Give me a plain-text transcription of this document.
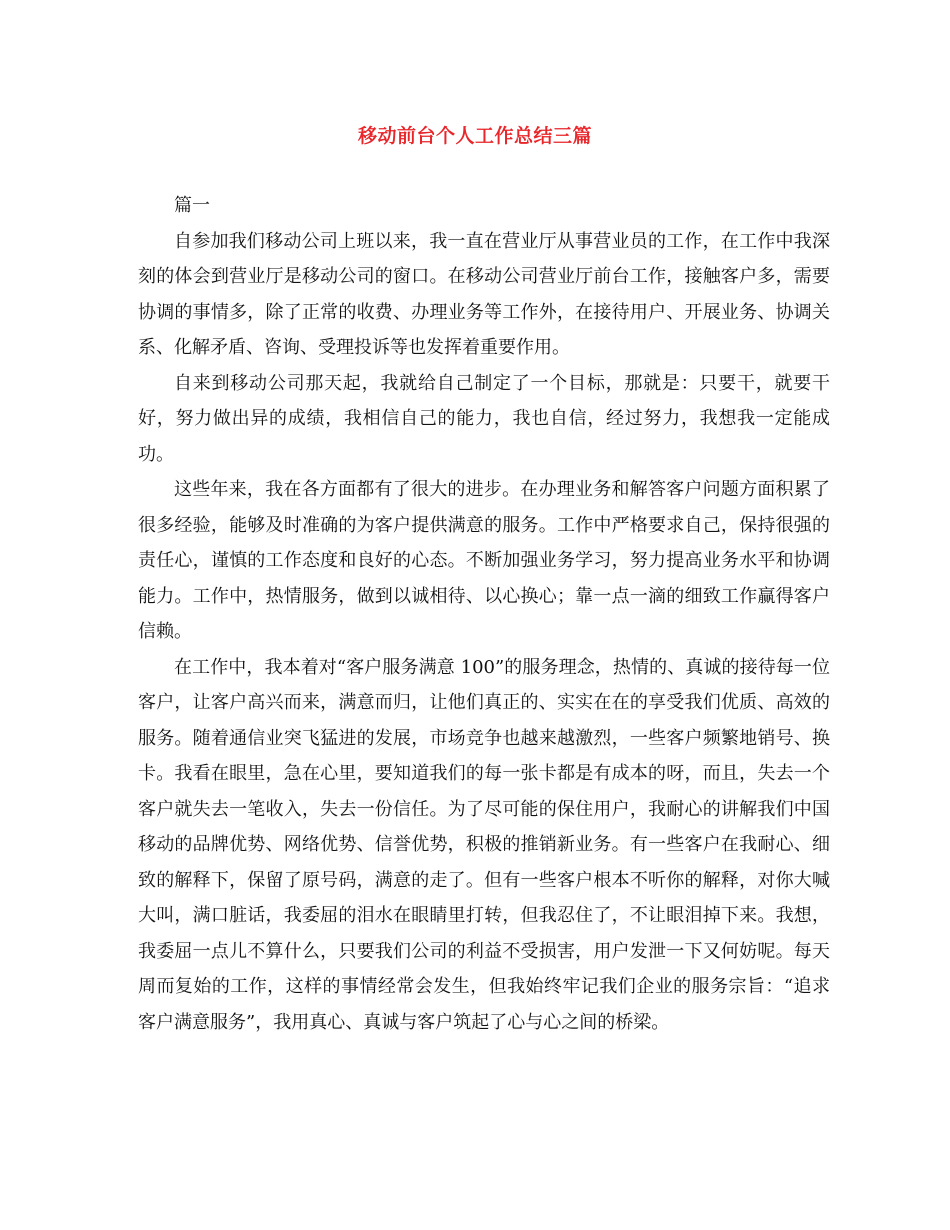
移动前台个人工作总结三篇

篇一

自参加我们移动公司上班以来，我一直在营业厅从事营业员的工作，在工作中我深刻的体会到营业厅是移动公司的窗口。在移动公司营业厅前台工作，接触客户多，需要协调的事情多，除了正常的收费、办理业务等工作外，在接待用户、开展业务、协调关系、化解矛盾、咨询、受理投诉等也发挥着重要作用。

自来到移动公司那天起，我就给自己制定了一个目标，那就是：只要干，就要干好，努力做出异的成绩，我相信自己的能力，我也自信，经过努力，我想我一定能成功。

这些年来，我在各方面都有了很大的进步。在办理业务和解答客户问题方面积累了很多经验，能够及时准确的为客户提供满意的服务。工作中严格要求自己，保持很强的责任心，谨慎的工作态度和良好的心态。不断加强业务学习，努力提高业务水平和协调能力。工作中，热情服务，做到以诚相待、以心换心；靠一点一滴的细致工作赢得客户信赖。

在工作中，我本着对“客户服务满意 100”的服务理念，热情的、真诚的接待每一位客户，让客户高兴而来，满意而归，让他们真正的、实实在在的享受我们优质、高效的服务。随着通信业突飞猛进的发展，市场竞争也越来越激烈，一些客户频繁地销号、换卡。我看在眼里，急在心里，要知道我们的每一张卡都是有成本的呀，而且，失去一个客户就失去一笔收入，失去一份信任。为了尽可能的保住用户，我耐心的讲解我们中国移动的品牌优势、网络优势、信誉优势，积极的推销新业务。有一些客户在我耐心、细致的解释下，保留了原号码，满意的走了。但有一些客户根本不听你的解释，对你大喊大叫，满口脏话，我委屈的泪水在眼睛里打转，但我忍住了，不让眼泪掉下来。我想，我委屈一点儿不算什么，只要我们公司的利益不受损害，用户发泄一下又何妨呢。每天周而复始的工作，这样的事情经常会发生，但我始终牢记我们企业的服务宗旨：“追求客户满意服务”，我用真心、真诚与客户筑起了心与心之间的桥梁。
